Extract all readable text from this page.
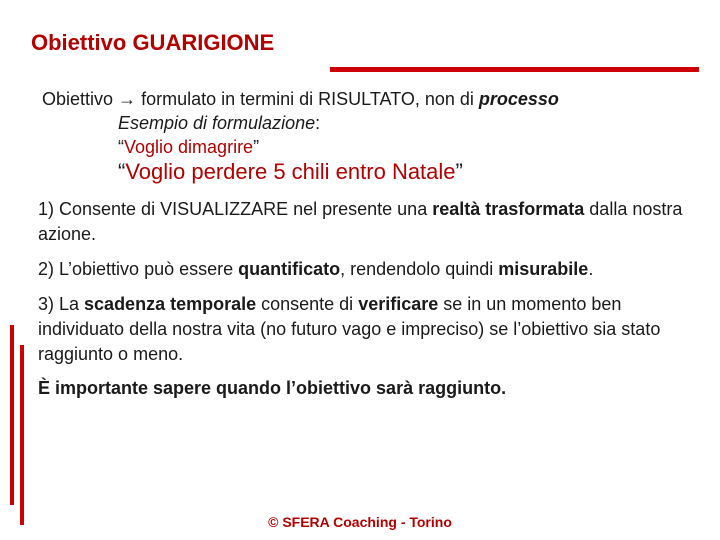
Obiettivo GUARIGIONE
Obiettivo → formulato in termini di RISULTATO, non di processo
Esempio di formulazione:
“Voglio dimagrire”
“Voglio perdere 5 chili entro Natale”
1) Consente di VISUALIZZARE nel presente una realtà trasformata dalla nostra azione.
2) L’obiettivo può essere quantificato, rendendolo quindi misurabile.
3) La scadenza temporale consente di verificare se in un momento ben individuato della nostra vita (no futuro vago e impreciso) se l’obiettivo sia stato raggiunto o meno.
È importante sapere quando l’obiettivo sarà raggiunto.
© SFERA Coaching - Torino
